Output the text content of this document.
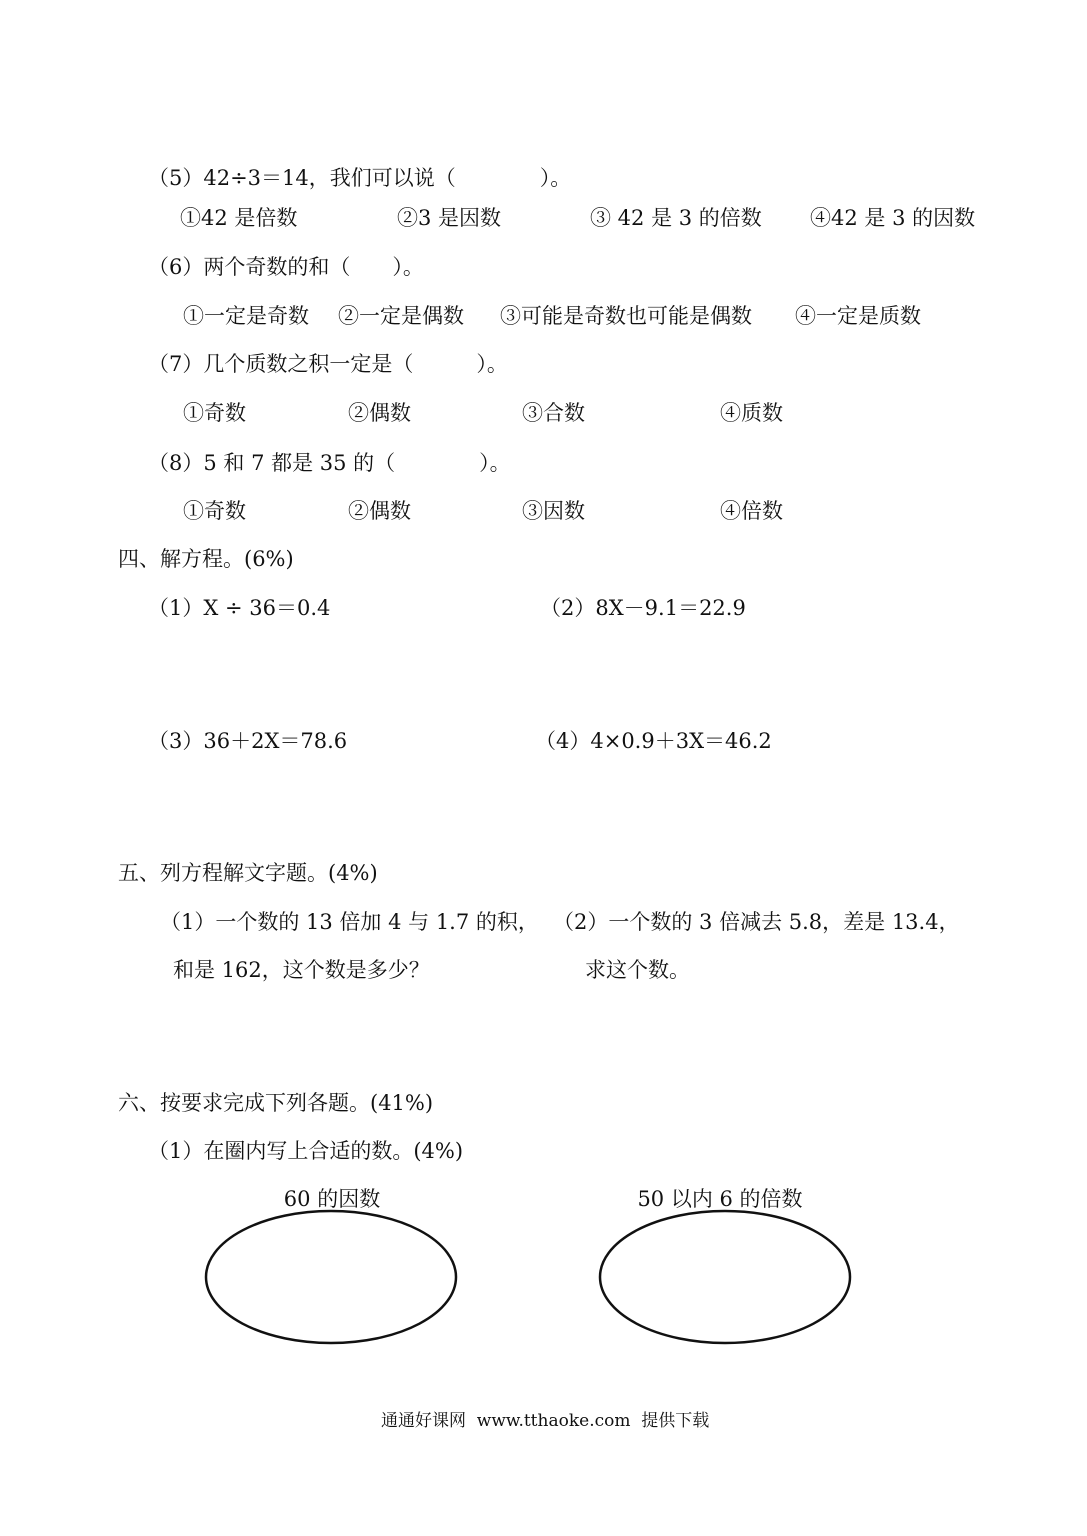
（5）42÷3＝14，我们可以说（　　　　）。
①42 是倍数	②3 是因数	③ 42 是 3 的倍数 ④42 是 3 的因数
（6）两个奇数的和（　　）。
①一定是奇数 ②一定是偶数 ③可能是奇数也可能是偶数 ④一定是质数
（7）几个质数之积一定是（　　　）。
①奇数	②偶数	③合数	④质数
（8）5 和 7 都是 35 的（　　　　）。
①奇数	②偶数	③因数	④倍数
四、解方程。(6%)
（1）X ÷ 36＝0.4	（2）8X－9.1＝22.9
（3）36＋2X＝78.6	（4）4×0.9＋3X＝46.2
五、列方程解文字题。(4%)
（1）一个数的 13 倍加 4 与 1.7 的积，
和是 162，这个数是多少？
（2）一个数的 3 倍减去 5.8，差是 13.4，
求这个数。
六、按要求完成下列各题。(41%)
（1）在圈内写上合适的数。(4%)
60 的因数	50 以内 6 的倍数
通通好课网  www.tthaoke.com  提供下载
